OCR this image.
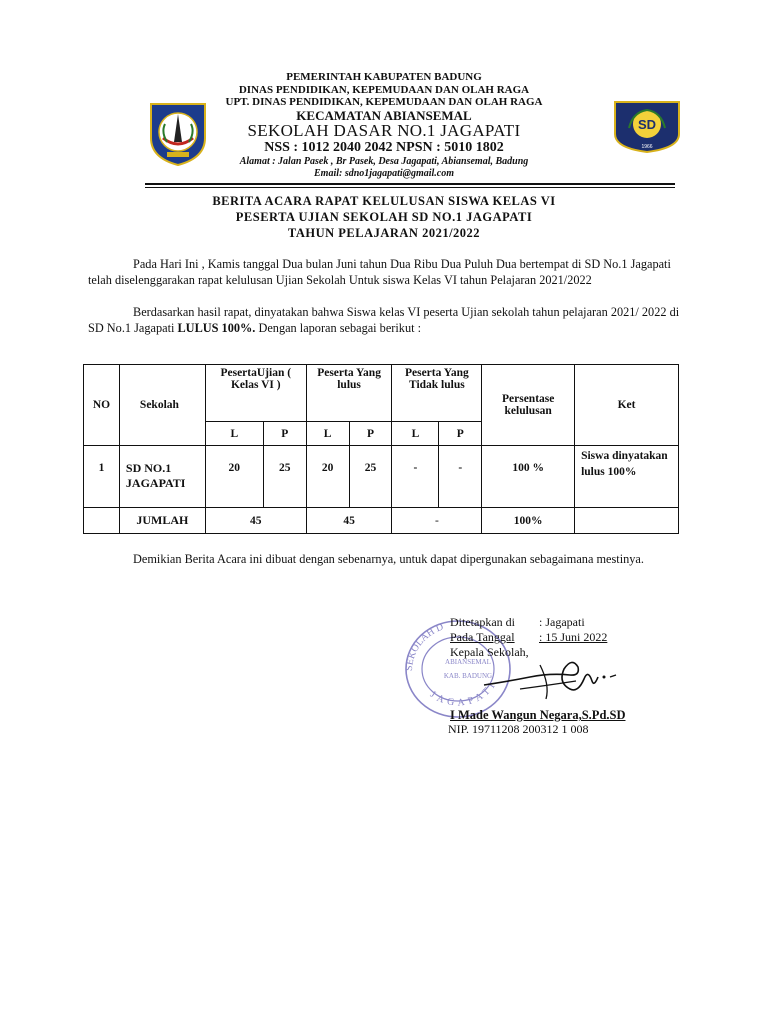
SD
1966
PEMERINTAH KABUPATEN BADUNG
DINAS PENDIDIKAN, KEPEMUDAAN DAN OLAH RAGA
UPT. DINAS PENDIDIKAN, KEPEMUDAAN DAN OLAH RAGA
KECAMATAN ABIANSEMAL
SEKOLAH DASAR NO.1 JAGAPATI
NSS : 1012 2040 2042 NPSN : 5010 1802
Alamat : Jalan Pasek , Br Pasek, Desa Jagapati, Abiansemal, Badung
Email: sdno1jagapati@gmail.com
BERITA ACARA RAPAT KELULUSAN SISWA KELAS VI
PESERTA UJIAN SEKOLAH SD NO.1 JAGAPATI
TAHUN PELAJARAN 2021/2022
Pada Hari Ini , Kamis tanggal Dua bulan Juni tahun Dua Ribu Dua Puluh Dua bertempat di SD No.1 Jagapati telah diselenggarakan rapat kelulusan Ujian Sekolah Untuk siswa Kelas VI tahun Pelajaran 2021/2022
Berdasarkan hasil rapat, dinyatakan bahwa Siswa kelas VI peserta Ujian sekolah tahun pelajaran 2021/ 2022 di SD No.1 Jagapati LULUS 100%. Dengan laporan sebagai berikut :
NO	Sekolah	PesertaUjian ( Kelas VI )		Peserta Yang lulus		Peserta Yang Tidak lulus		Persentase kelulusan	Ket
		L	P	L	P	L	P		
1	SD NO.1 JAGAPATI	20	25	20	25	-	-	100 %	Siswa dinyatakan lulus 100%
	JUMLAH	45		45		-		100%	
Demikian Berita Acara ini dibuat dengan sebenarnya, untuk dapat dipergunakan sebagaimana mestinya.
SEKOLAH D
JAGAPATI
ABIANSEMAL
KAB. BADUNG
Ditetapkan di : Jagapati
Pada Tanggal : 15 Juni 2022
Kepala Sekolah,
I Made Wangun Negara,S.Pd.SD
NIP. 19711208 200312 1 008
